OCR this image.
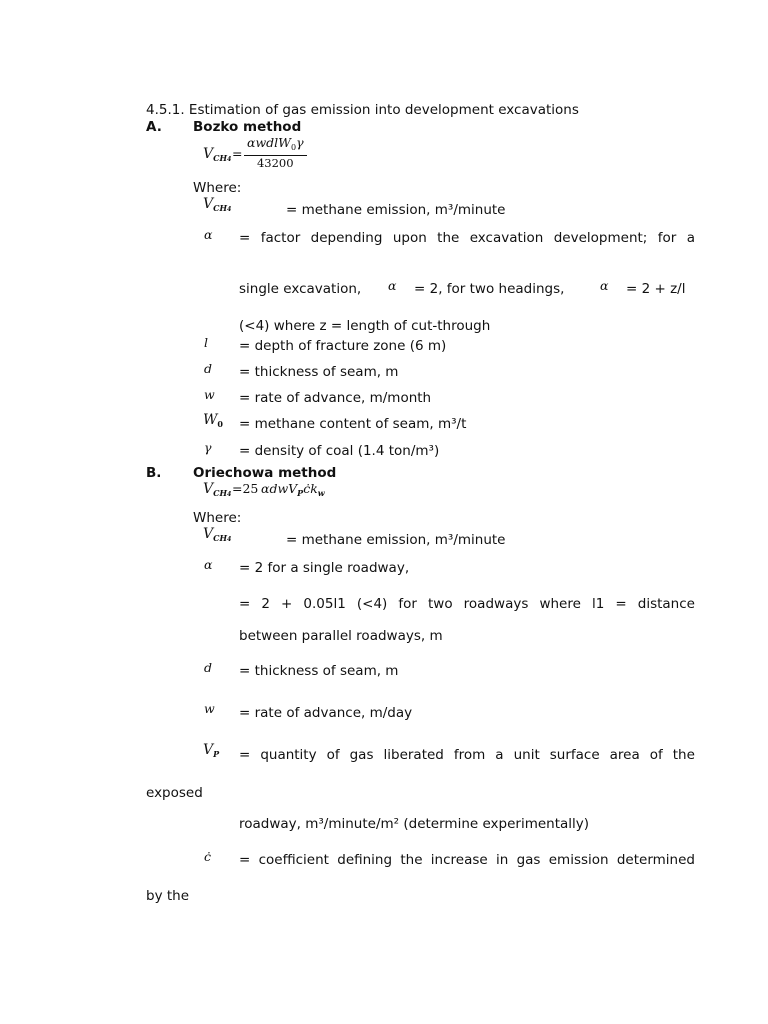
4.5.1. Estimation of gas emission into development excavations
A. Bozko method
$V_{CH4}$ =
αwdlW$_0$γ
43200
Where:
$V_{CH4}$	= methane emission, m³/minute
α = factor depending upon the excavation development; for a
single excavation, α = 2, for two headings,	α = 2 + z/l
(<4) where z = length of cut-through
l = depth of fracture zone (6 m)
d = thickness of seam, m
w = rate of advance, m/month
$W_0$ = methane content of seam, m³/t
γ = density of coal (1.4 ton/m³)
B. Oriechowa method
$V_{CH4} =25$ $\alpha dwV_Pċk_w$
Where:
$V_{CH4}$	= methane emission, m³/minute
α = 2 for a single roadway,
= 2 + 0.05l1 (<4) for two roadways where l1 = distance
between parallel roadways, m
d = thickness of seam, m
w = rate of advance, m/day
$V_P$ = quantity of gas liberated from a unit surface area of the
exposed
roadway, m³/minute/m² (determine experimentally)
ċ = coefficient defining the increase in gas emission determined
by the
